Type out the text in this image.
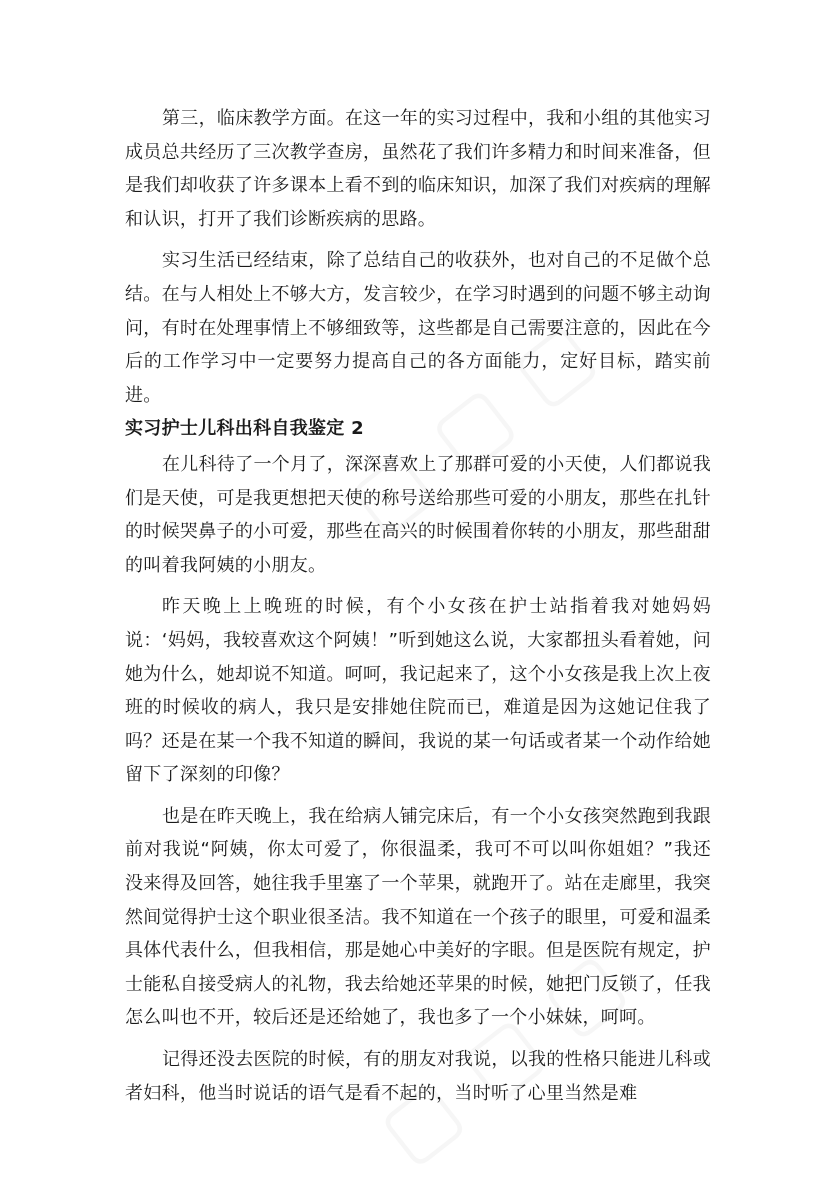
第三，临床教学方面。在这一年的实习过程中，我和小组的其他实习成员总共经历了三次教学查房，虽然花了我们许多精力和时间来准备，但是我们却收获了许多课本上看不到的临床知识，加深了我们对疾病的理解和认识，打开了我们诊断疾病的思路。

实习生活已经结束，除了总结自己的收获外，也对自己的不足做个总结。在与人相处上不够大方，发言较少，在学习时遇到的问题不够主动询问，有时在处理事情上不够细致等，这些都是自己需要注意的，因此在今后的工作学习中一定要努力提高自己的各方面能力，定好目标，踏实前进。

实习护士儿科出科自我鉴定 2

在儿科待了一个月了，深深喜欢上了那群可爱的小天使，人们都说我们是天使，可是我更想把天使的称号送给那些可爱的小朋友，那些在扎针的时候哭鼻子的小可爱，那些在高兴的时候围着你转的小朋友，那些甜甜的叫着我阿姨的小朋友。

昨天晚上上晚班的时候，有个小女孩在护士站指着我对她妈妈说：‘妈妈，我较喜欢这个阿姨！”听到她这么说，大家都扭头看着她，问她为什么，她却说不知道。呵呵，我记起来了，这个小女孩是我上次上夜班的时候收的病人，我只是安排她住院而已，难道是因为这她记住我了吗？还是在某一个我不知道的瞬间，我说的某一句话或者某一个动作给她留下了深刻的印像？

也是在昨天晚上，我在给病人铺完床后，有一个小女孩突然跑到我跟前对我说“阿姨，你太可爱了，你很温柔，我可不可以叫你姐姐？”我还没来得及回答，她往我手里塞了一个苹果，就跑开了。站在走廊里，我突然间觉得护士这个职业很圣洁。我不知道在一个孩子的眼里，可爱和温柔具体代表什么，但我相信，那是她心中美好的字眼。但是医院有规定，护士能私自接受病人的礼物，我去给她还苹果的时候，她把门反锁了，任我怎么叫也不开，较后还是还给她了，我也多了一个小妹妹，呵呵。

记得还没去医院的时候，有的朋友对我说，以我的性格只能进儿科或者妇科，他当时说话的语气是看不起的，当时听了心里当然是难
